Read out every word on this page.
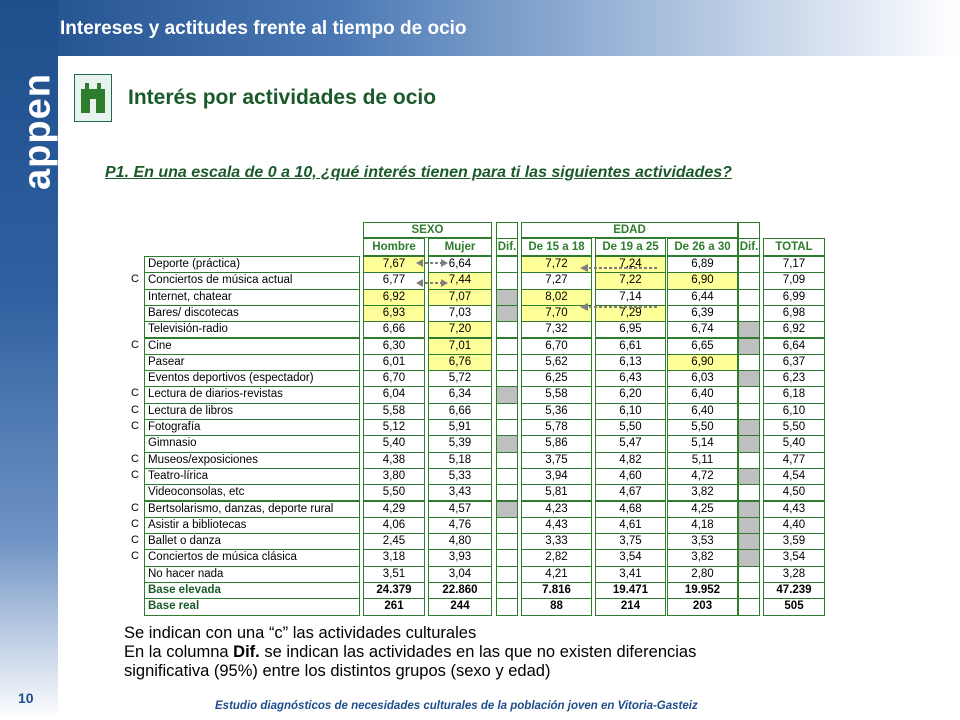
Intereses y actitudes frente al tiempo de ocio
appen	Interés por actividades de ocio
P1. En una escala de 0 a 10, ¿qué interés tienen para ti las siguientes actividades?
SEXO	EDAD
Hombre	Mujer	De 15 a 18	De 19 a 25	De 26 a 30	TOTAL
Dif.	Dif.
Deporte (práctica)	7,67	6,64	7,72	7,24	6,89	7,17
C Conciertos de música actual	6,77	7,44	7,27	7,22	6,90	7,09
Internet, chatear	6,92	7,07	8,02	7,14	6,44	6,99
Bares/ discotecas	6,93	7,03	7,70	7,29	6,39	6,98
Televisión-radio	6,66	7,20	7,32	6,95	6,74	6,92
C Cine	6,30	7,01	6,70	6,61	6,65	6,64
Pasear	6,01	6,76	5,62	6,13	6,90	6,37
Eventos deportivos (espectador)	6,70	5,72	6,25	6,43	6,03	6,23
C Lectura de diarios-revistas	6,04	6,34	5,58	6,20	6,40	6,18
C Lectura de libros	5,58	6,66	5,36	6,10	6,40	6,10
C Fotografía	5,12	5,91	5,78	5,50	5,50	5,50
Gimnasio	5,40	5,39	5,86	5,47	5,14	5,40
C Museos/exposiciones	4,38	5,18	3,75	4,82	5,11	4,77
C Teatro-lírica	3,80	5,33	3,94	4,60	4,72	4,54
Videoconsolas, etc	5,50	3,43	5,81	4,67	3,82	4,50
C Bertsolarismo, danzas, deporte rural	4,29	4,57	4,23	4,68	4,25	4,43
C Asistir a bibliotecas	4,06	4,76	4,43	4,61	4,18	4,40
C Ballet o danza	2,45	4,80	3,33	3,75	3,53	3,59
C Conciertos de música clásica	3,18	3,93	2,82	3,54	3,82	3,54
No hacer nada	3,51	3,04	4,21	3,41	2,80	3,28
Base elevada	24.379	22.860	7.816	19.471	19.952	47.239
Base real	261	244	88	214	203	505
Se indican con una “c” las actividades culturales
En la columna Dif. se indican las actividades en las que no existen diferencias
significativa (95%) entre los distintos grupos (sexo y edad)
10	Estudio diagnósticos de necesidades culturales de la población joven en Vitoria-Gasteiz
